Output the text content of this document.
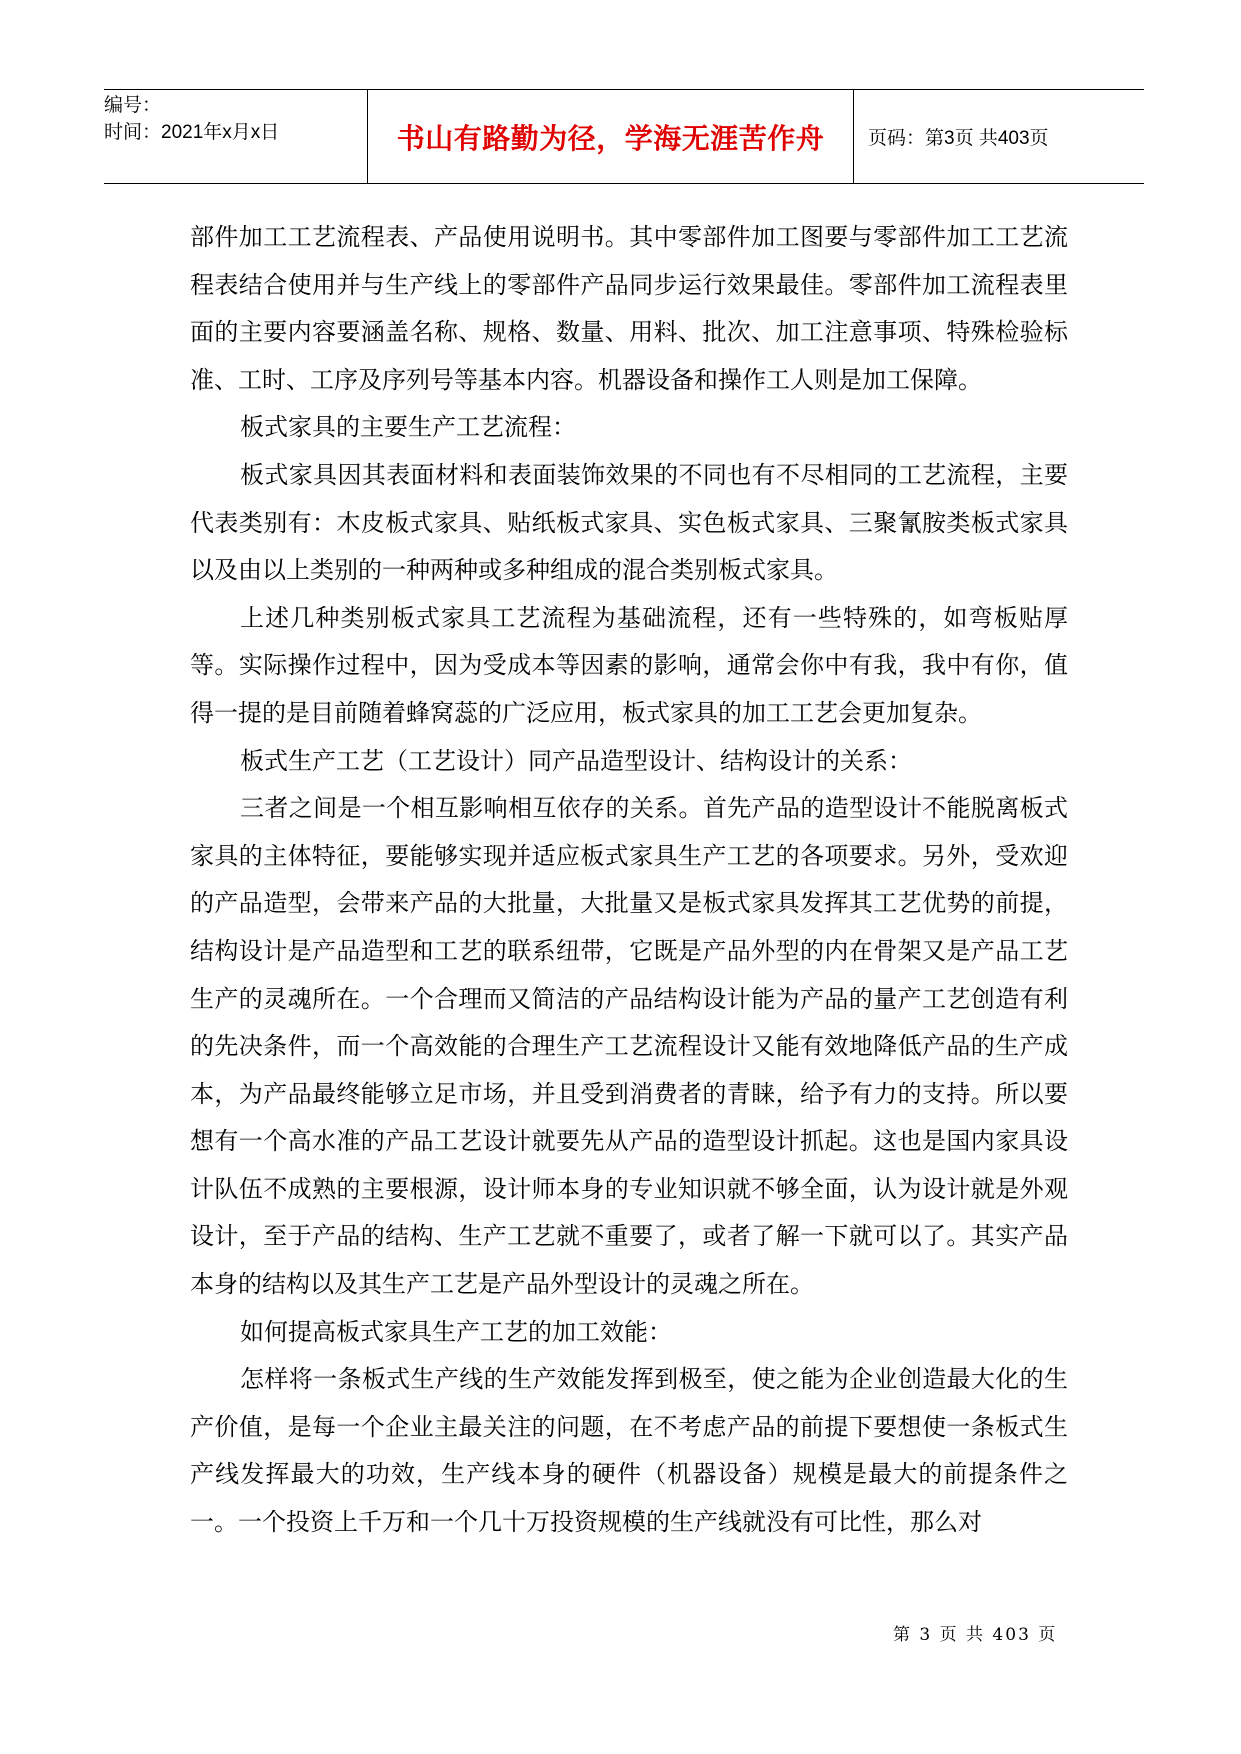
编号：
时间：2021年x月x日	书山有路勤为径，学海无涯苦作舟	页码：第3页 共403页

部件加工工艺流程表、产品使用说明书。其中零部件加工图要与零部件加工工艺流程表结合使用并与生产线上的零部件产品同步运行效果最佳。零部件加工流程表里面的主要内容要涵盖名称、规格、数量、用料、批次、加工注意事项、特殊检验标准、工时、工序及序列号等基本内容。机器设备和操作工人则是加工保障。

板式家具的主要生产工艺流程：

板式家具因其表面材料和表面装饰效果的不同也有不尽相同的工艺流程，主要代表类别有：木皮板式家具、贴纸板式家具、实色板式家具、三聚氰胺类板式家具以及由以上类别的一种两种或多种组成的混合类别板式家具。

上述几种类别板式家具工艺流程为基础流程，还有一些特殊的，如弯板贴厚等。实际操作过程中，因为受成本等因素的影响，通常会你中有我，我中有你，值得一提的是目前随着蜂窝蕊的广泛应用，板式家具的加工工艺会更加复杂。

板式生产工艺（工艺设计）同产品造型设计、结构设计的关系：

三者之间是一个相互影响相互依存的关系。首先产品的造型设计不能脱离板式家具的主体特征，要能够实现并适应板式家具生产工艺的各项要求。另外，受欢迎的产品造型，会带来产品的大批量，大批量又是板式家具发挥其工艺优势的前提，结构设计是产品造型和工艺的联系纽带，它既是产品外型的内在骨架又是产品工艺生产的灵魂所在。一个合理而又简洁的产品结构设计能为产品的量产工艺创造有利的先决条件，而一个高效能的合理生产工艺流程设计又能有效地降低产品的生产成本，为产品最终能够立足市场，并且受到消费者的青睐，给予有力的支持。所以要想有一个高水准的产品工艺设计就要先从产品的造型设计抓起。这也是国内家具设计队伍不成熟的主要根源，设计师本身的专业知识就不够全面，认为设计就是外观设计，至于产品的结构、生产工艺就不重要了，或者了解一下就可以了。其实产品本身的结构以及其生产工艺是产品外型设计的灵魂之所在。

如何提高板式家具生产工艺的加工效能：

怎样将一条板式生产线的生产效能发挥到极至，使之能为企业创造最大化的生产价值，是每一个企业主最关注的问题，在不考虑产品的前提下要想使一条板式生产线发挥最大的功效，生产线本身的硬件（机器设备）规模是最大的前提条件之一。一个投资上千万和一个几十万投资规模的生产线就没有可比性，那么对

第 3 页 共 403 页
